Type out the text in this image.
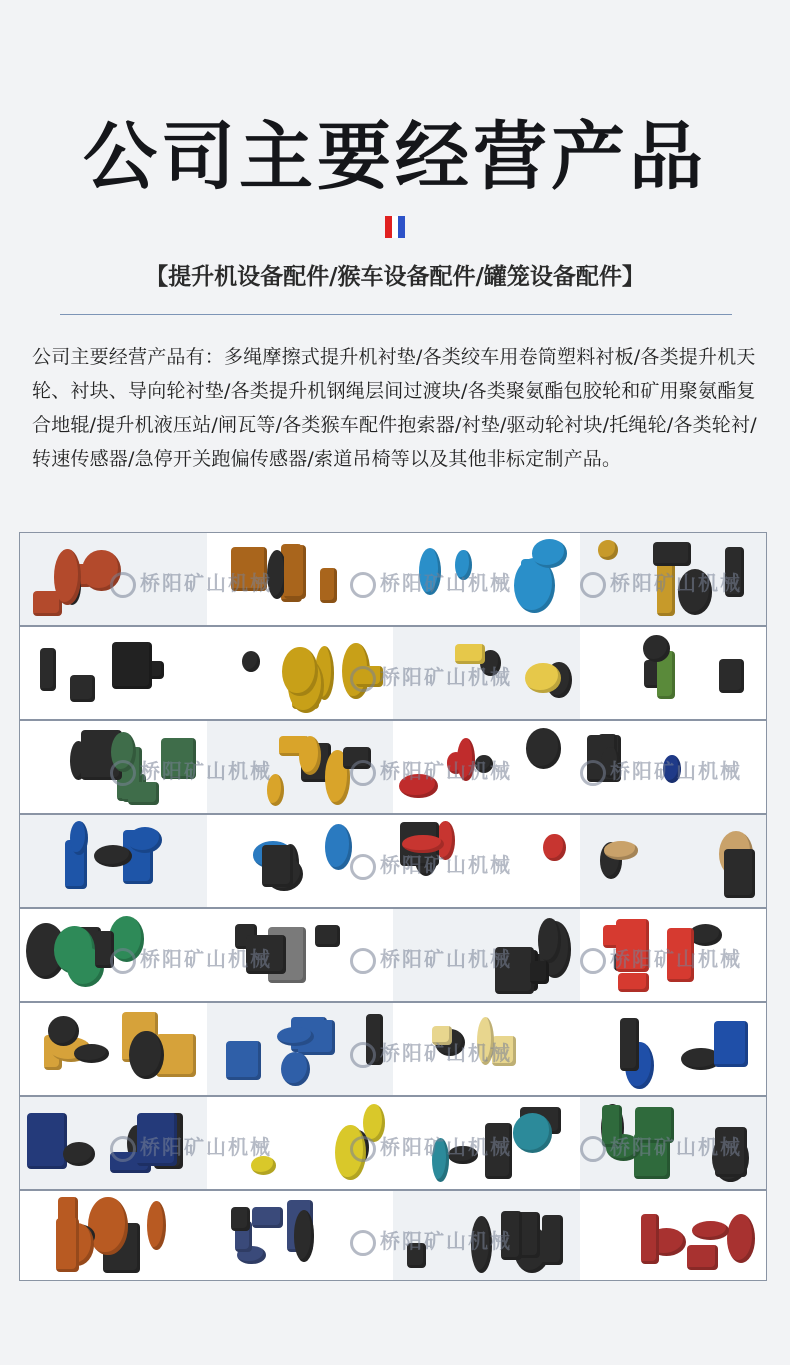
公司主要经营产品
【提升机设备配件/猴车设备配件/罐笼设备配件】
公司主要经营产品有：多绳摩擦式提升机衬垫/各类绞车用卷筒塑料衬板/各类提升机天轮、衬块、导向轮衬垫/各类提升机钢绳层间过渡块/各类聚氨酯包胶轮和矿用聚氨酯复合地辊/提升机液压站/闸瓦等/各类猴车配件抱索器/衬垫/驱动轮衬块/托绳轮/各类轮衬/转速传感器/急停开关跑偏传感器/索道吊椅等以及其他非标定制产品。
桥阳矿山机械	桥阳矿山机械	桥阳矿山机械
桥阳矿山机械
桥阳矿山机械	桥阳矿山机械	桥阳矿山机械
桥阳矿山机械
桥阳矿山机械	桥阳矿山机械	桥阳矿山机械
桥阳矿山机械
桥阳矿山机械	桥阳矿山机械	桥阳矿山机械
桥阳矿山机械
